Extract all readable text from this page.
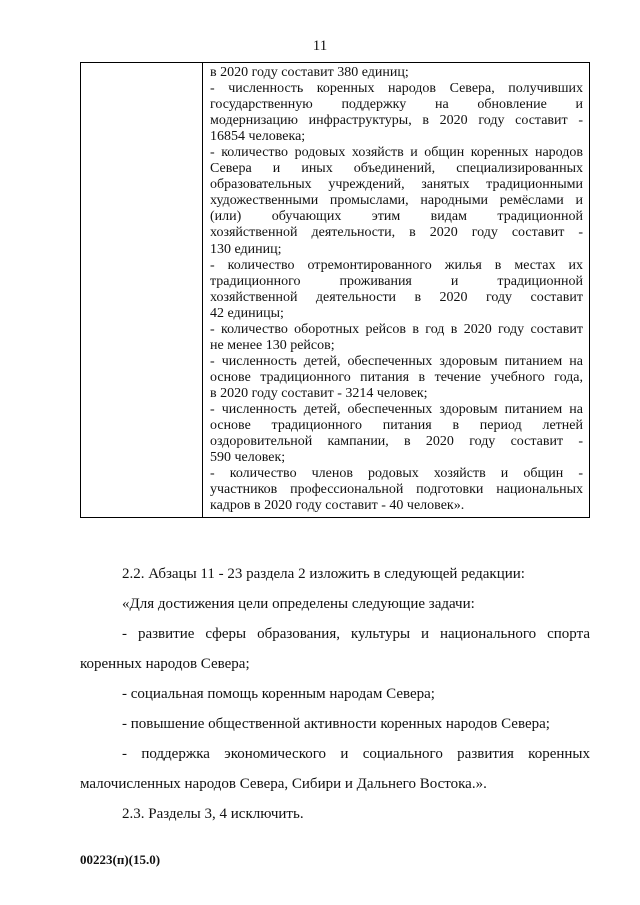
11

в 2020 году составит 380 единиц;
- численность коренных народов Севера, получивших
государственную поддержку на обновление и
модернизацию инфраструктуры, в 2020 году составит -
16854 человека;
- количество родовых хозяйств и общин коренных народов
Севера и иных объединений, специализированных
образовательных учреждений, занятых традиционными
художественными промыслами, народными ремёслами и
(или) обучающих этим видам традиционной
хозяйственной деятельности, в 2020 году составит -
130 единиц;
- количество отремонтированного жилья в местах их
традиционного проживания и традиционной
хозяйственной деятельности в 2020 году составит
42 единицы;
- количество оборотных рейсов в год в 2020 году составит
не менее 130 рейсов;
- численность детей, обеспеченных здоровым питанием на
основе традиционного питания в течение учебного года,
в 2020 году составит - 3214 человек;
- численность детей, обеспеченных здоровым питанием на
основе традиционного питания в период летней
оздоровительной кампании, в 2020 году составит -
590 человек;
- количество членов родовых хозяйств и общин -
участников профессиональной подготовки национальных
кадров в 2020 году составит - 40 человек».
2.2. Абзацы 11 - 23 раздела 2 изложить в следующей редакции:
«Для достижения цели определены следующие задачи:
- развитие сферы образования, культуры и национального спорта
коренных народов Севера;
- социальная помощь коренным народам Севера;
- повышение общественной активности коренных народов Севера;
- поддержка экономического и социального развития коренных
малочисленных народов Севера, Сибири и Дальнего Востока.».
2.3. Разделы 3, 4 исключить.
00223(п)(15.0)
